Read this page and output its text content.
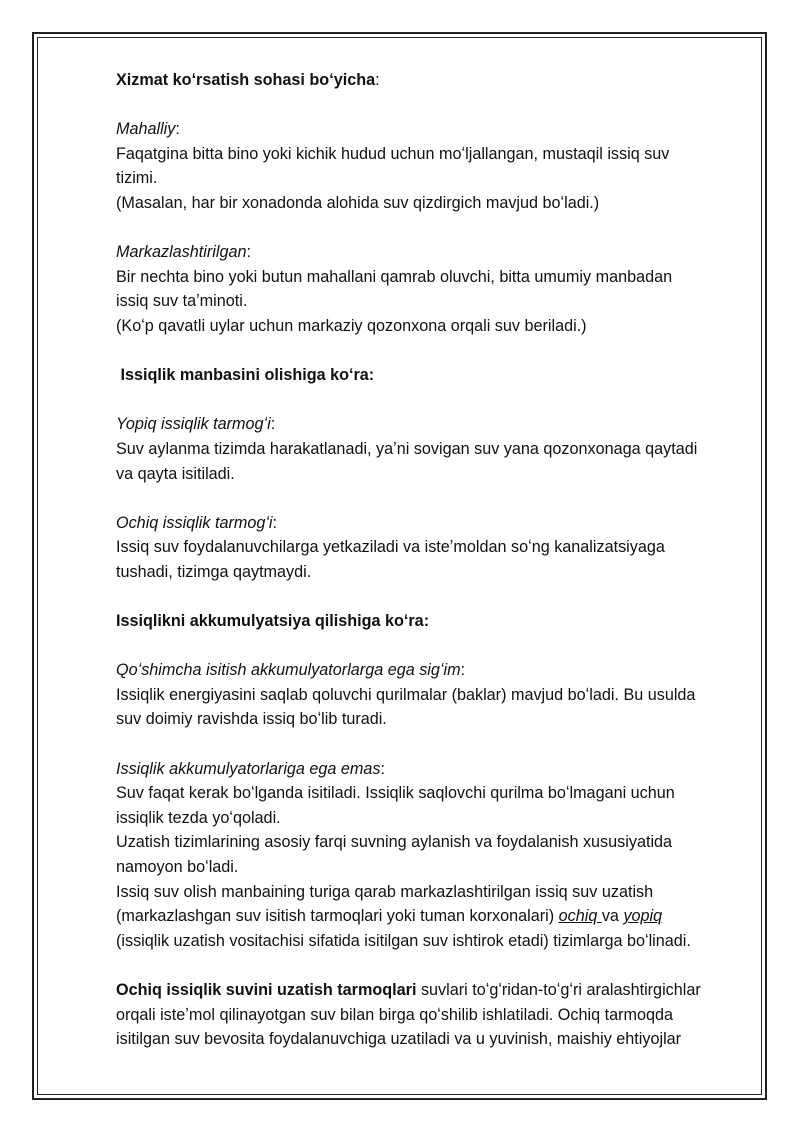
Xizmat koʻrsatish sohasi boʻyicha:

Mahalliy:

Faqatgina bitta bino yoki kichik hudud uchun moʻljallangan, mustaqil issiq suv

tizimi.

(Masalan, har bir xonadonda alohida suv qizdirgich mavjud boʻladi.)

Markazlashtirilgan:

Bir nechta bino yoki butun mahallani qamrab oluvchi, bitta umumiy manbadan

issiq suv taʼminoti.

(Koʻp qavatli uylar uchun markaziy qozonxona orqali suv beriladi.)

Issiqlik manbasini olishiga koʻra:

Yopiq issiqlik tarmogʻi:

Suv aylanma tizimda harakatlanadi, yaʼni sovigan suv yana qozonxonaga qaytadi

va qayta isitiladi.

Ochiq issiqlik tarmogʻi:

Issiq suv foydalanuvchilarga yetkaziladi va isteʼmoldan soʻng kanalizatsiyaga

tushadi, tizimga qaytmaydi.

Issiqlikni akkumulyatsiya qilishiga koʻra:

Qoʻshimcha isitish akkumulyatorlarga ega sigʻim:

Issiqlik energiyasini saqlab qoluvchi qurilmalar (baklar) mavjud boʻladi. Bu usulda

suv doimiy ravishda issiq boʻlib turadi.

Issiqlik akkumulyatorlariga ega emas:

Suv faqat kerak boʻlganda isitiladi. Issiqlik saqlovchi qurilma boʻlmagani uchun

issiqlik tezda yoʻqoladi.

Uzatish tizimlarining asosiy farqi suvning aylanish va foydalanish xususiyatida

namoyon boʻladi.

Issiq suv olish manbaining turiga qarab markazlashtirilgan issiq suv uzatish

(markazlashgan suv isitish tarmoqlari yoki tuman korxonalari) ochiq va yopiq

(issiqlik uzatish vositachisi sifatida isitilgan suv ishtirok etadi) tizimlarga boʻlinadi.

Ochiq issiqlik suvini uzatish tarmoqlari suvlari toʻgʻridan-toʻgʻri aralashtirgichlar

orqali isteʼmol qilinayotgan suv bilan birga qoʻshilib ishlatiladi. Ochiq tarmoqda

isitilgan suv bevosita foydalanuvchiga uzatiladi va u yuvinish, maishiy ehtiyojlar
